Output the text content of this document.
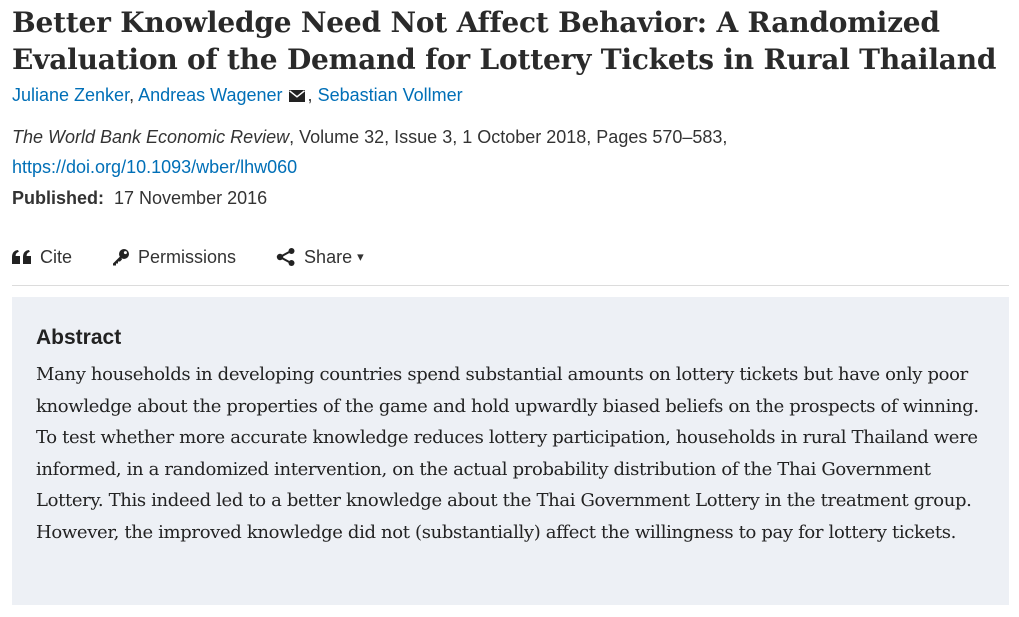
Better Knowledge Need Not Affect Behavior: A Randomized Evaluation of the Demand for Lottery Tickets in Rural Thailand
Juliane Zenker, Andreas Wagener , Sebastian Vollmer
The World Bank Economic Review, Volume 32, Issue 3, 1 October 2018, Pages 570–583, https://doi.org/10.1093/wber/lhw060
Published: 17 November 2016
Cite	Permissions	Share ▾
Abstract

Many households in developing countries spend substantial amounts on lottery tickets but have only poor knowledge about the properties of the game and hold upwardly biased beliefs on the prospects of winning. To test whether more accurate knowledge reduces lottery participation, households in rural Thailand were informed, in a randomized intervention, on the actual probability distribution of the Thai Government Lottery. This indeed led to a better knowledge about the Thai Government Lottery in the treatment group. However, the improved knowledge did not (substantially) affect the willingness to pay for lottery tickets.
